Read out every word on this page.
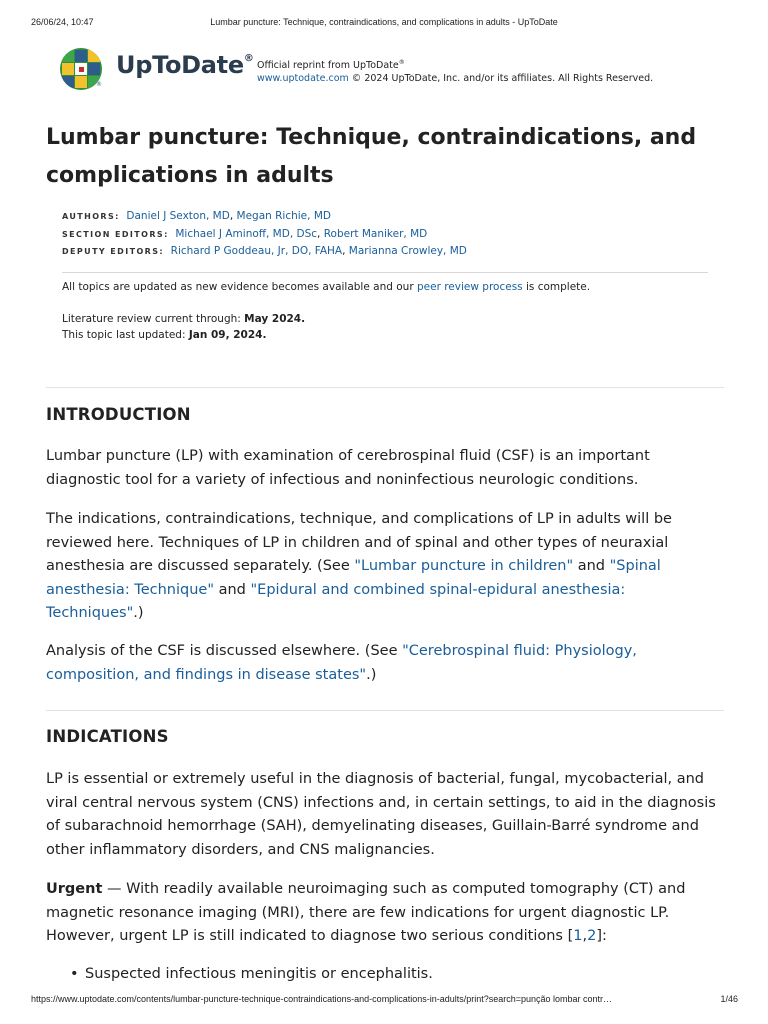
26/06/24, 10:47	Lumbar puncture: Technique, contraindications, and complications in adults - UpToDate
®
UpToDate®
Official reprint from UpToDate®
www.uptodate.com © 2024 UpToDate, Inc. and/or its affiliates. All Rights Reserved.
Lumbar puncture: Technique, contraindications, and
complications in adults
AUTHORS: Daniel J Sexton, MD, Megan Richie, MD
SECTION EDITORS: Michael J Aminoff, MD, DSc, Robert Maniker, MD
DEPUTY EDITORS: Richard P Goddeau, Jr, DO, FAHA, Marianna Crowley, MD
All topics are updated as new evidence becomes available and our peer review process is complete.
Literature review current through: May 2024.
This topic last updated: Jan 09, 2024.
INTRODUCTION

Lumbar puncture (LP) with examination of cerebrospinal fluid (CSF) is an important diagnostic tool for a variety of infectious and noninfectious neurologic conditions.

The indications, contraindications, technique, and complications of LP in adults will be reviewed here. Techniques of LP in children and of spinal and other types of neuraxial anesthesia are discussed separately. (See "Lumbar puncture in children" and "Spinal anesthesia: Technique" and "Epidural and combined spinal-epidural anesthesia: Techniques".)

Analysis of the CSF is discussed elsewhere. (See "Cerebrospinal fluid: Physiology, composition, and findings in disease states".)

INDICATIONS

LP is essential or extremely useful in the diagnosis of bacterial, fungal, mycobacterial, and viral central nervous system (CNS) infections and, in certain settings, to aid in the diagnosis of subarachnoid hemorrhage (SAH), demyelinating diseases, Guillain-Barré syndrome and other inflammatory disorders, and CNS malignancies.

Urgent — With readily available neuroimaging such as computed tomography (CT) and magnetic resonance imaging (MRI), there are few indications for urgent diagnostic LP. However, urgent LP is still indicated to diagnose two serious conditions [1,2]:

• Suspected infectious meningitis or encephalitis.
https://www.uptodate.com/contents/lumbar-puncture-technique-contraindications-and-complications-in-adults/print?search=punção lombar contr…	1/46
